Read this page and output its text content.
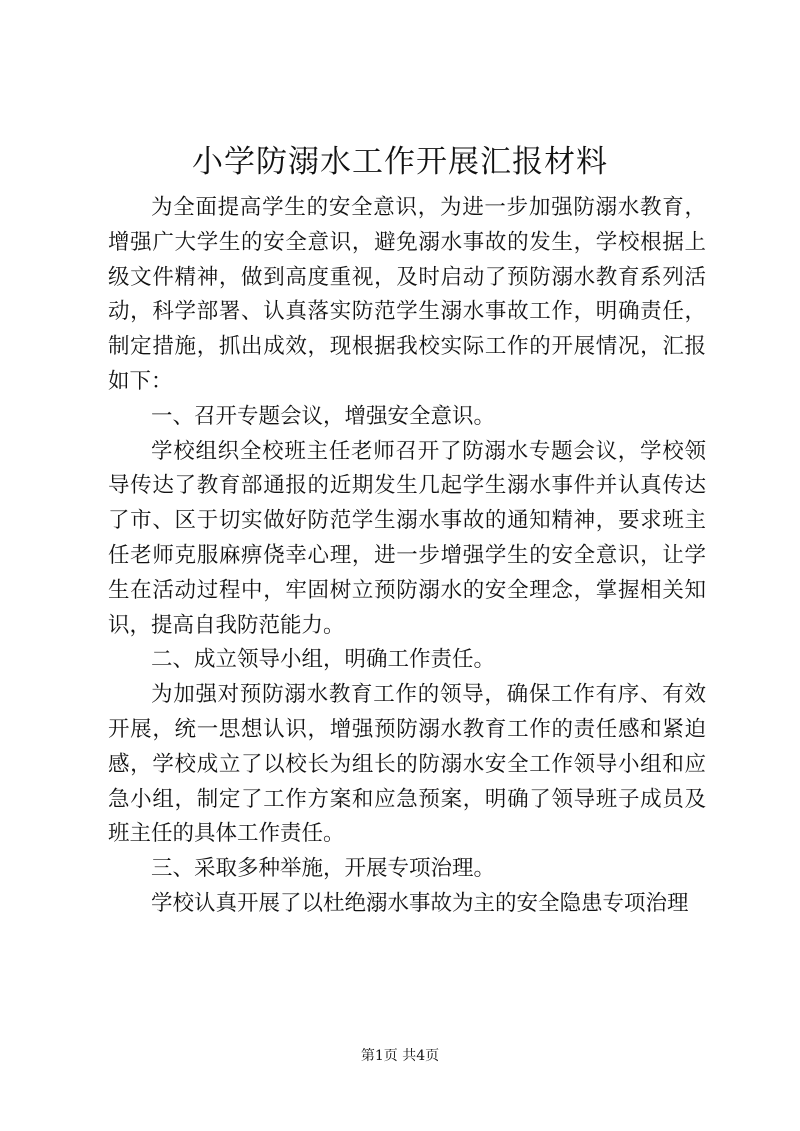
小学防溺水工作开展汇报材料

为全面提高学生的安全意识，为进一步加强防溺水教育，增强广大学生的安全意识，避免溺水事故的发生，学校根据上级文件精神，做到高度重视，及时启动了预防溺水教育系列活动，科学部署、认真落实防范学生溺水事故工作，明确责任，制定措施，抓出成效，现根据我校实际工作的开展情况，汇报如下：

一、召开专题会议，增强安全意识。

学校组织全校班主任老师召开了防溺水专题会议，学校领导传达了教育部通报的近期发生几起学生溺水事件并认真传达了市、区于切实做好防范学生溺水事故的通知精神，要求班主任老师克服麻痹侥幸心理，进一步增强学生的安全意识，让学生在活动过程中，牢固树立预防溺水的安全理念，掌握相关知识，提高自我防范能力。

二、成立领导小组，明确工作责任。

为加强对预防溺水教育工作的领导，确保工作有序、有效开展，统一思想认识，增强预防溺水教育工作的责任感和紧迫感，学校成立了以校长为组长的防溺水安全工作领导小组和应急小组，制定了工作方案和应急预案，明确了领导班子成员及班主任的具体工作责任。

三、采取多种举施，开展专项治理。

学校认真开展了以杜绝溺水事故为主的安全隐患专项治理

第1页 共4页
